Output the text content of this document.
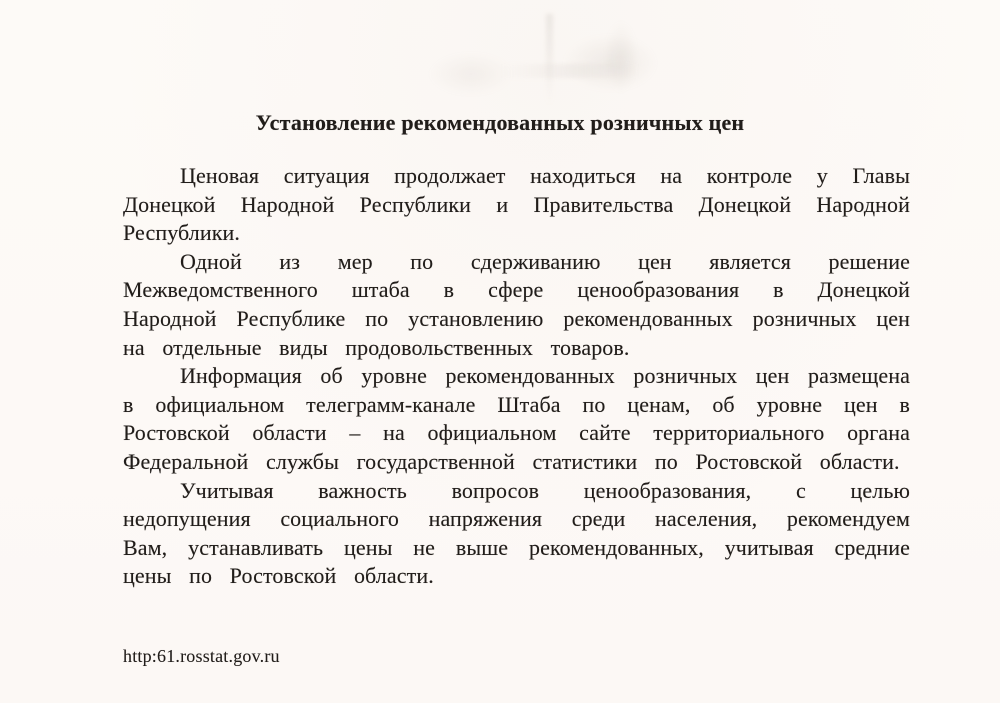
Установление рекомендованных розничных цен

Ценовая ситуация продолжает находиться на контроле у Главы Донецкой Народной Республики и Правительства Донецкой Народной Республики.

Одной из мер по сдерживанию цен является решение Межведомственного штаба в сфере ценообразования в Донецкой Народной Республике по установлению рекомендованных розничных цен на отдельные виды продовольственных товаров.

Информация об уровне рекомендованных розничных цен размещена в официальном телеграмм-канале Штаба по ценам, об уровне цен в Ростовской области – на официальном сайте территориального органа Федеральной службы государственной статистики по Ростовской области.

Учитывая важность вопросов ценообразования, с целью недопущения социального напряжения среди населения, рекомендуем Вам, устанавливать цены не выше рекомендованных, учитывая средние цены по Ростовской области.

http:61.rosstat.gov.ru
